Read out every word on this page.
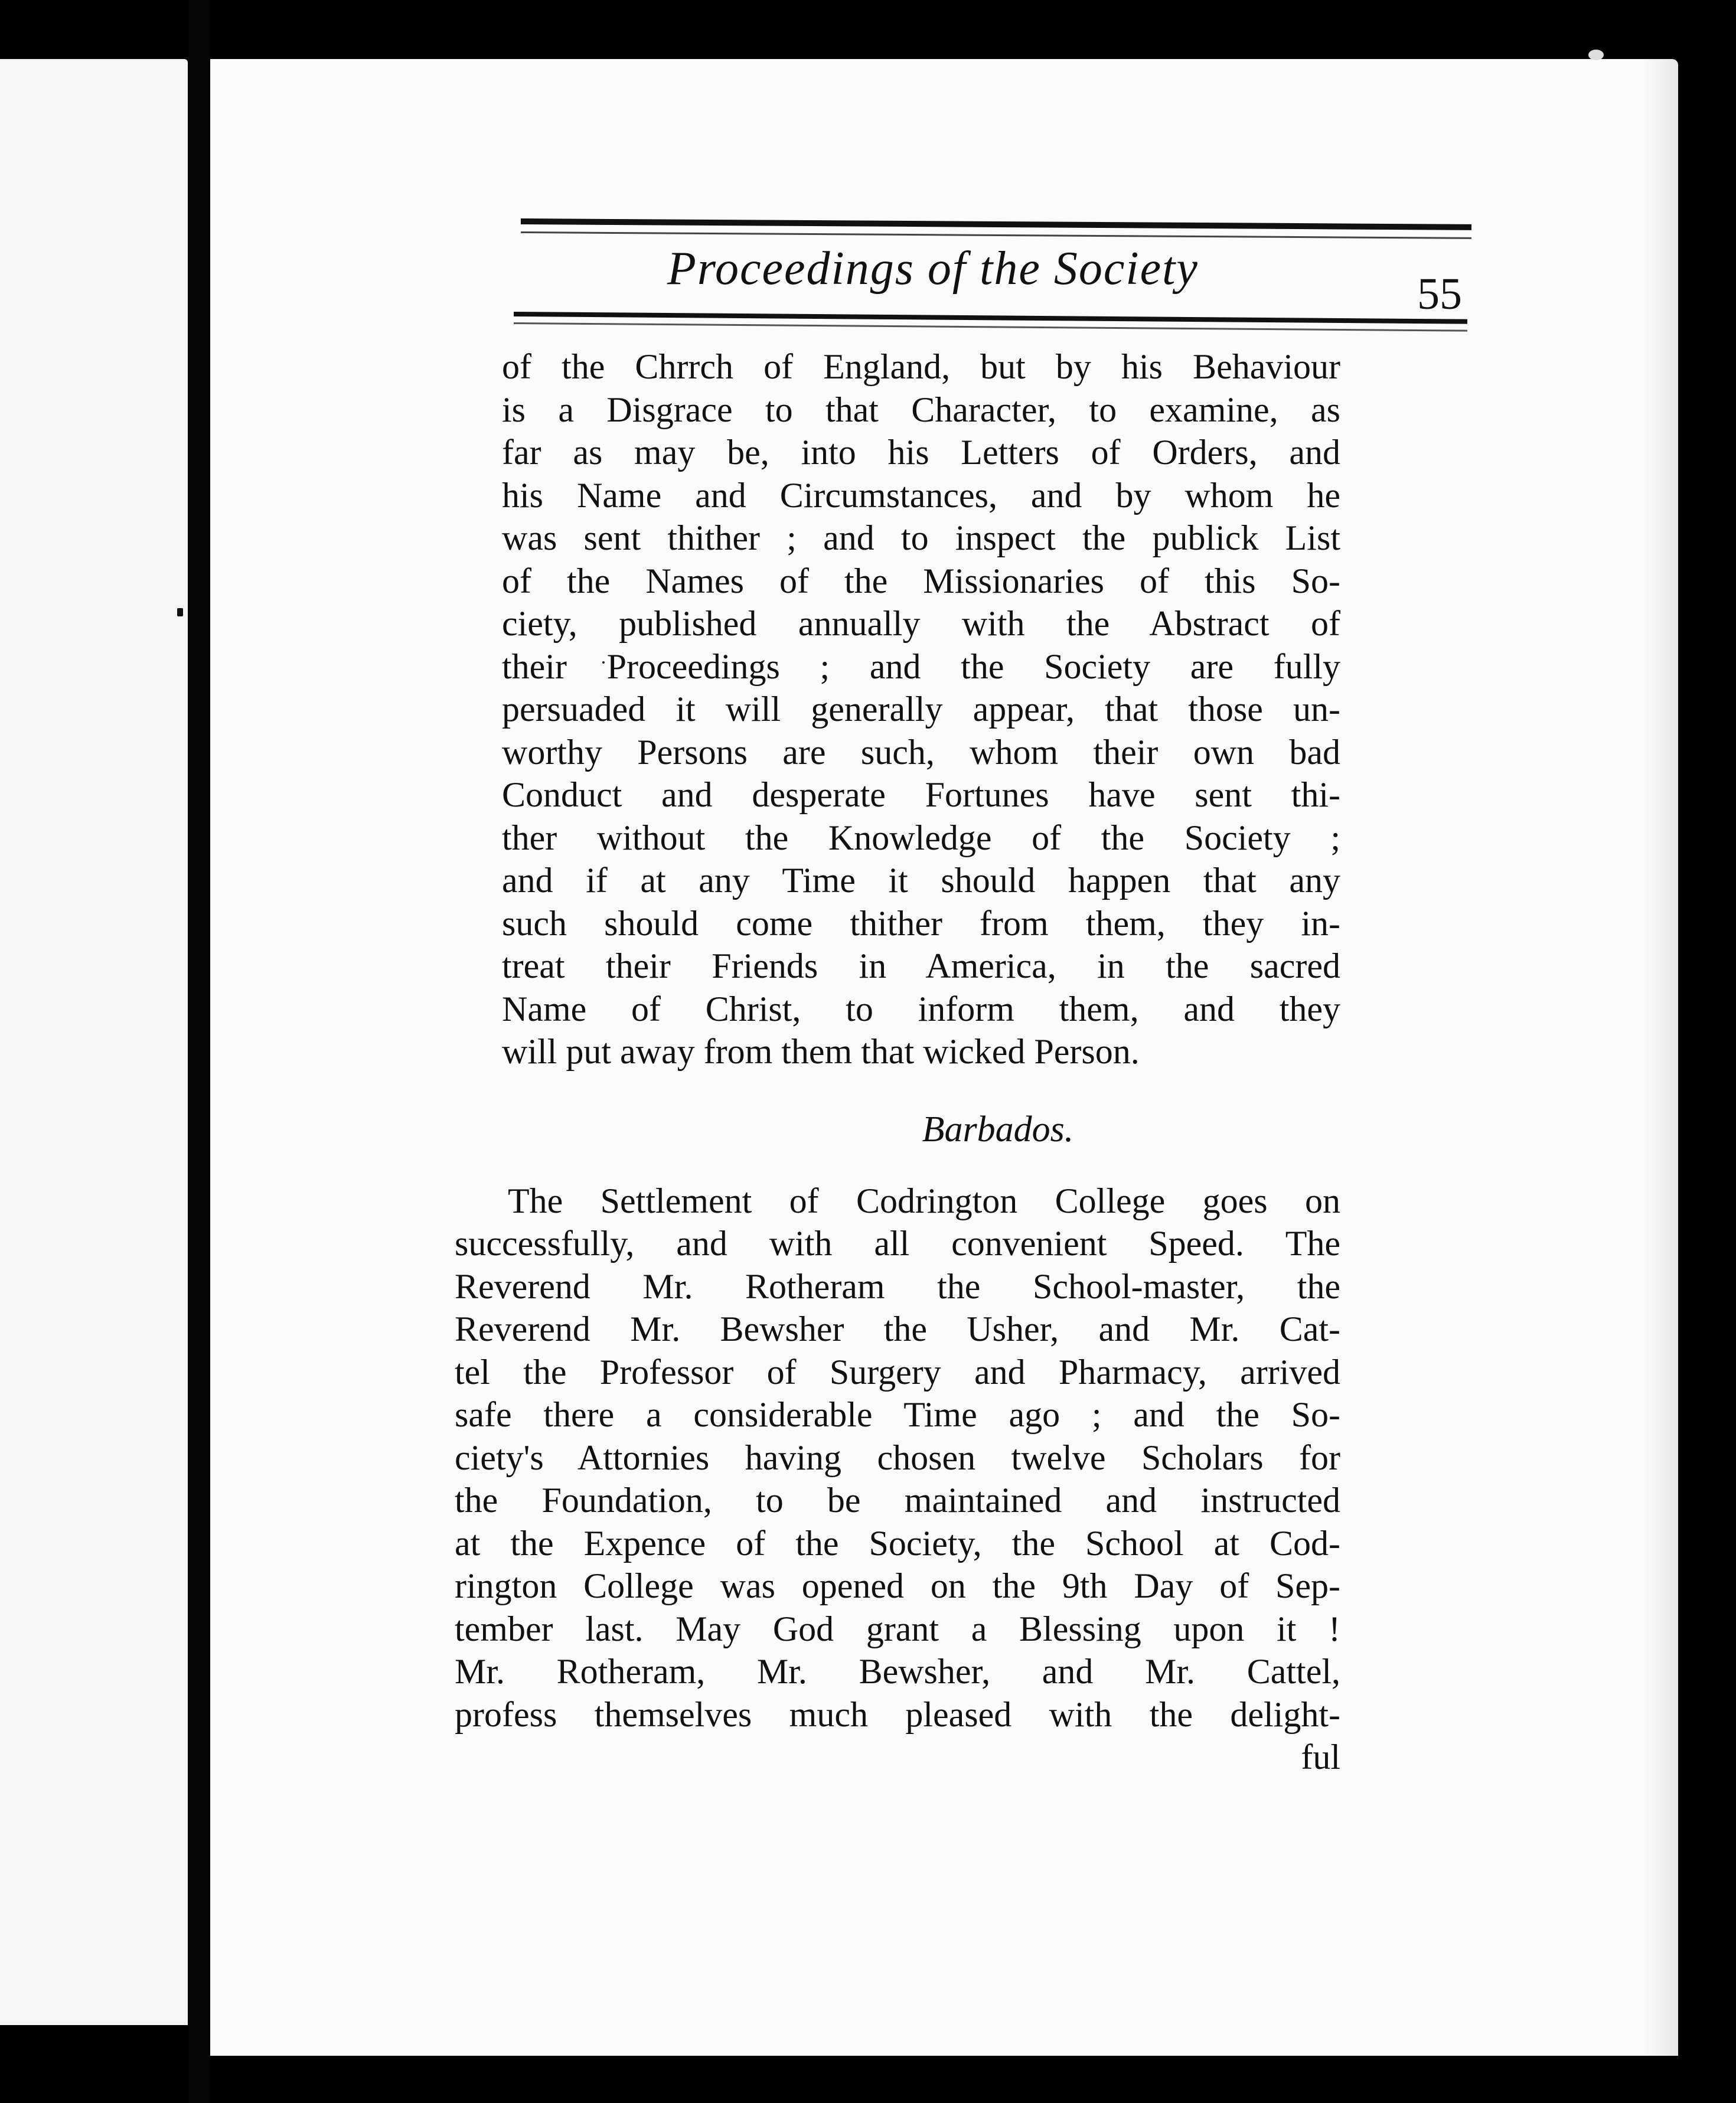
Proceedings of the Society	55
of the Chrrch of England, but by his Behaviour
is a Disgrace to that Character, to examine, as
far as may be, into his Letters of Orders, and
his Name and Circumstances, and by whom he
was sent thither ; and to inspect the publick List
of the Names of the Missionaries of this So-
ciety, published annually with the Abstract of
their Proceedings ; and the Society are fully
persuaded it will generally appear, that those un-
worthy Persons are such, whom their own bad
Conduct and desperate Fortunes have sent thi-
ther without the Knowledge of the Society ;
and if at any Time it should happen that any
such should come thither from them, they in-
treat their Friends in America, in the sacred
Name of Christ, to inform them, and they
will put away from them that wicked Person.
Barbados.
The Settlement of Codrington College goes on
successfully, and with all convenient Speed. The
Reverend Mr. Rotheram the School-master, the
Reverend Mr. Bewsher the Usher, and Mr. Cat-
tel the Professor of Surgery and Pharmacy, arrived
safe there a considerable Time ago ; and the So-
ciety's Attornies having chosen twelve Scholars for
the Foundation, to be maintained and instructed
at the Expence of the Society, the School at Cod-
rington College was opened on the 9th Day of Sep-
tember last. May God grant a Blessing upon it !
Mr. Rotheram, Mr. Bewsher, and Mr. Cattel,
profess themselves much pleased with the delight-
ful
